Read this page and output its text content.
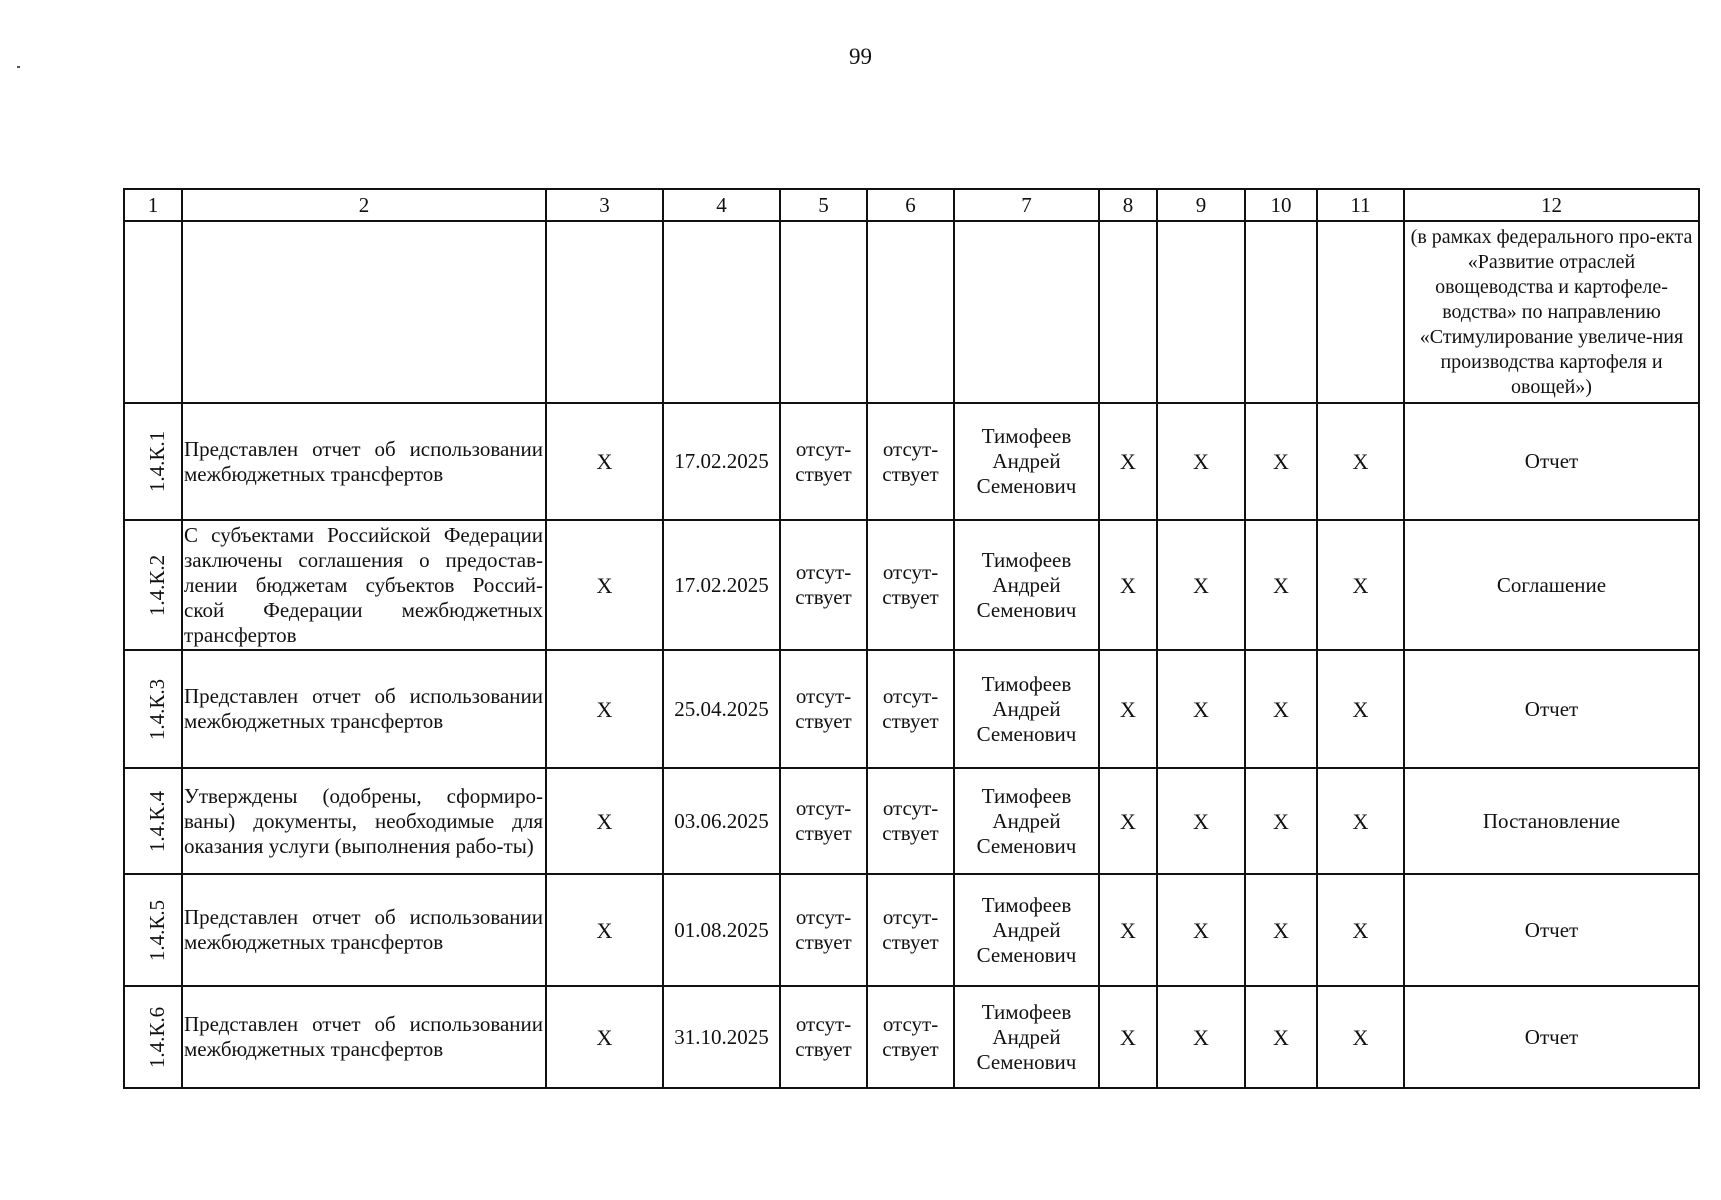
99
1	2	3	4	5	6	7	8	9	10	11	12
											(в рамках федерального про-екта «Развитие отраслей овощеводства и картофеле-водства» по направлению «Стимулирование увеличе-ния производства картофеля и овощей»)
1.4.К.1	Представлен отчет об использовании межбюджетных трансфертов	X	17.02.2025	отсут-ствует	отсут-ствует	Тимофеев Андрей Семенович	X	X	X	X	Отчет
1.4.К.2	С субъектами Российской Федерации заключены соглашения о предостав-лении бюджетам субъектов Россий-ской Федерации межбюджетных трансфертов	X	17.02.2025	отсут-ствует	отсут-ствует	Тимофеев Андрей Семенович	X	X	X	X	Соглашение
1.4.К.3	Представлен отчет об использовании межбюджетных трансфертов	X	25.04.2025	отсут-ствует	отсут-ствует	Тимофеев Андрей Семенович	X	X	X	X	Отчет
1.4.К.4	Утверждены (одобрены, сформиро-ваны) документы, необходимые для оказания услуги (выполнения рабо-ты)	X	03.06.2025	отсут-ствует	отсут-ствует	Тимофеев Андрей Семенович	X	X	X	X	Постановление
1.4.К.5	Представлен отчет об использовании межбюджетных трансфертов	X	01.08.2025	отсут-ствует	отсут-ствует	Тимофеев Андрей Семенович	X	X	X	X	Отчет
1.4.К.6	Представлен отчет об использовании межбюджетных трансфертов	X	31.10.2025	отсут-ствует	отсут-ствует	Тимофеев Андрей Семенович	X	X	X	X	Отчет
